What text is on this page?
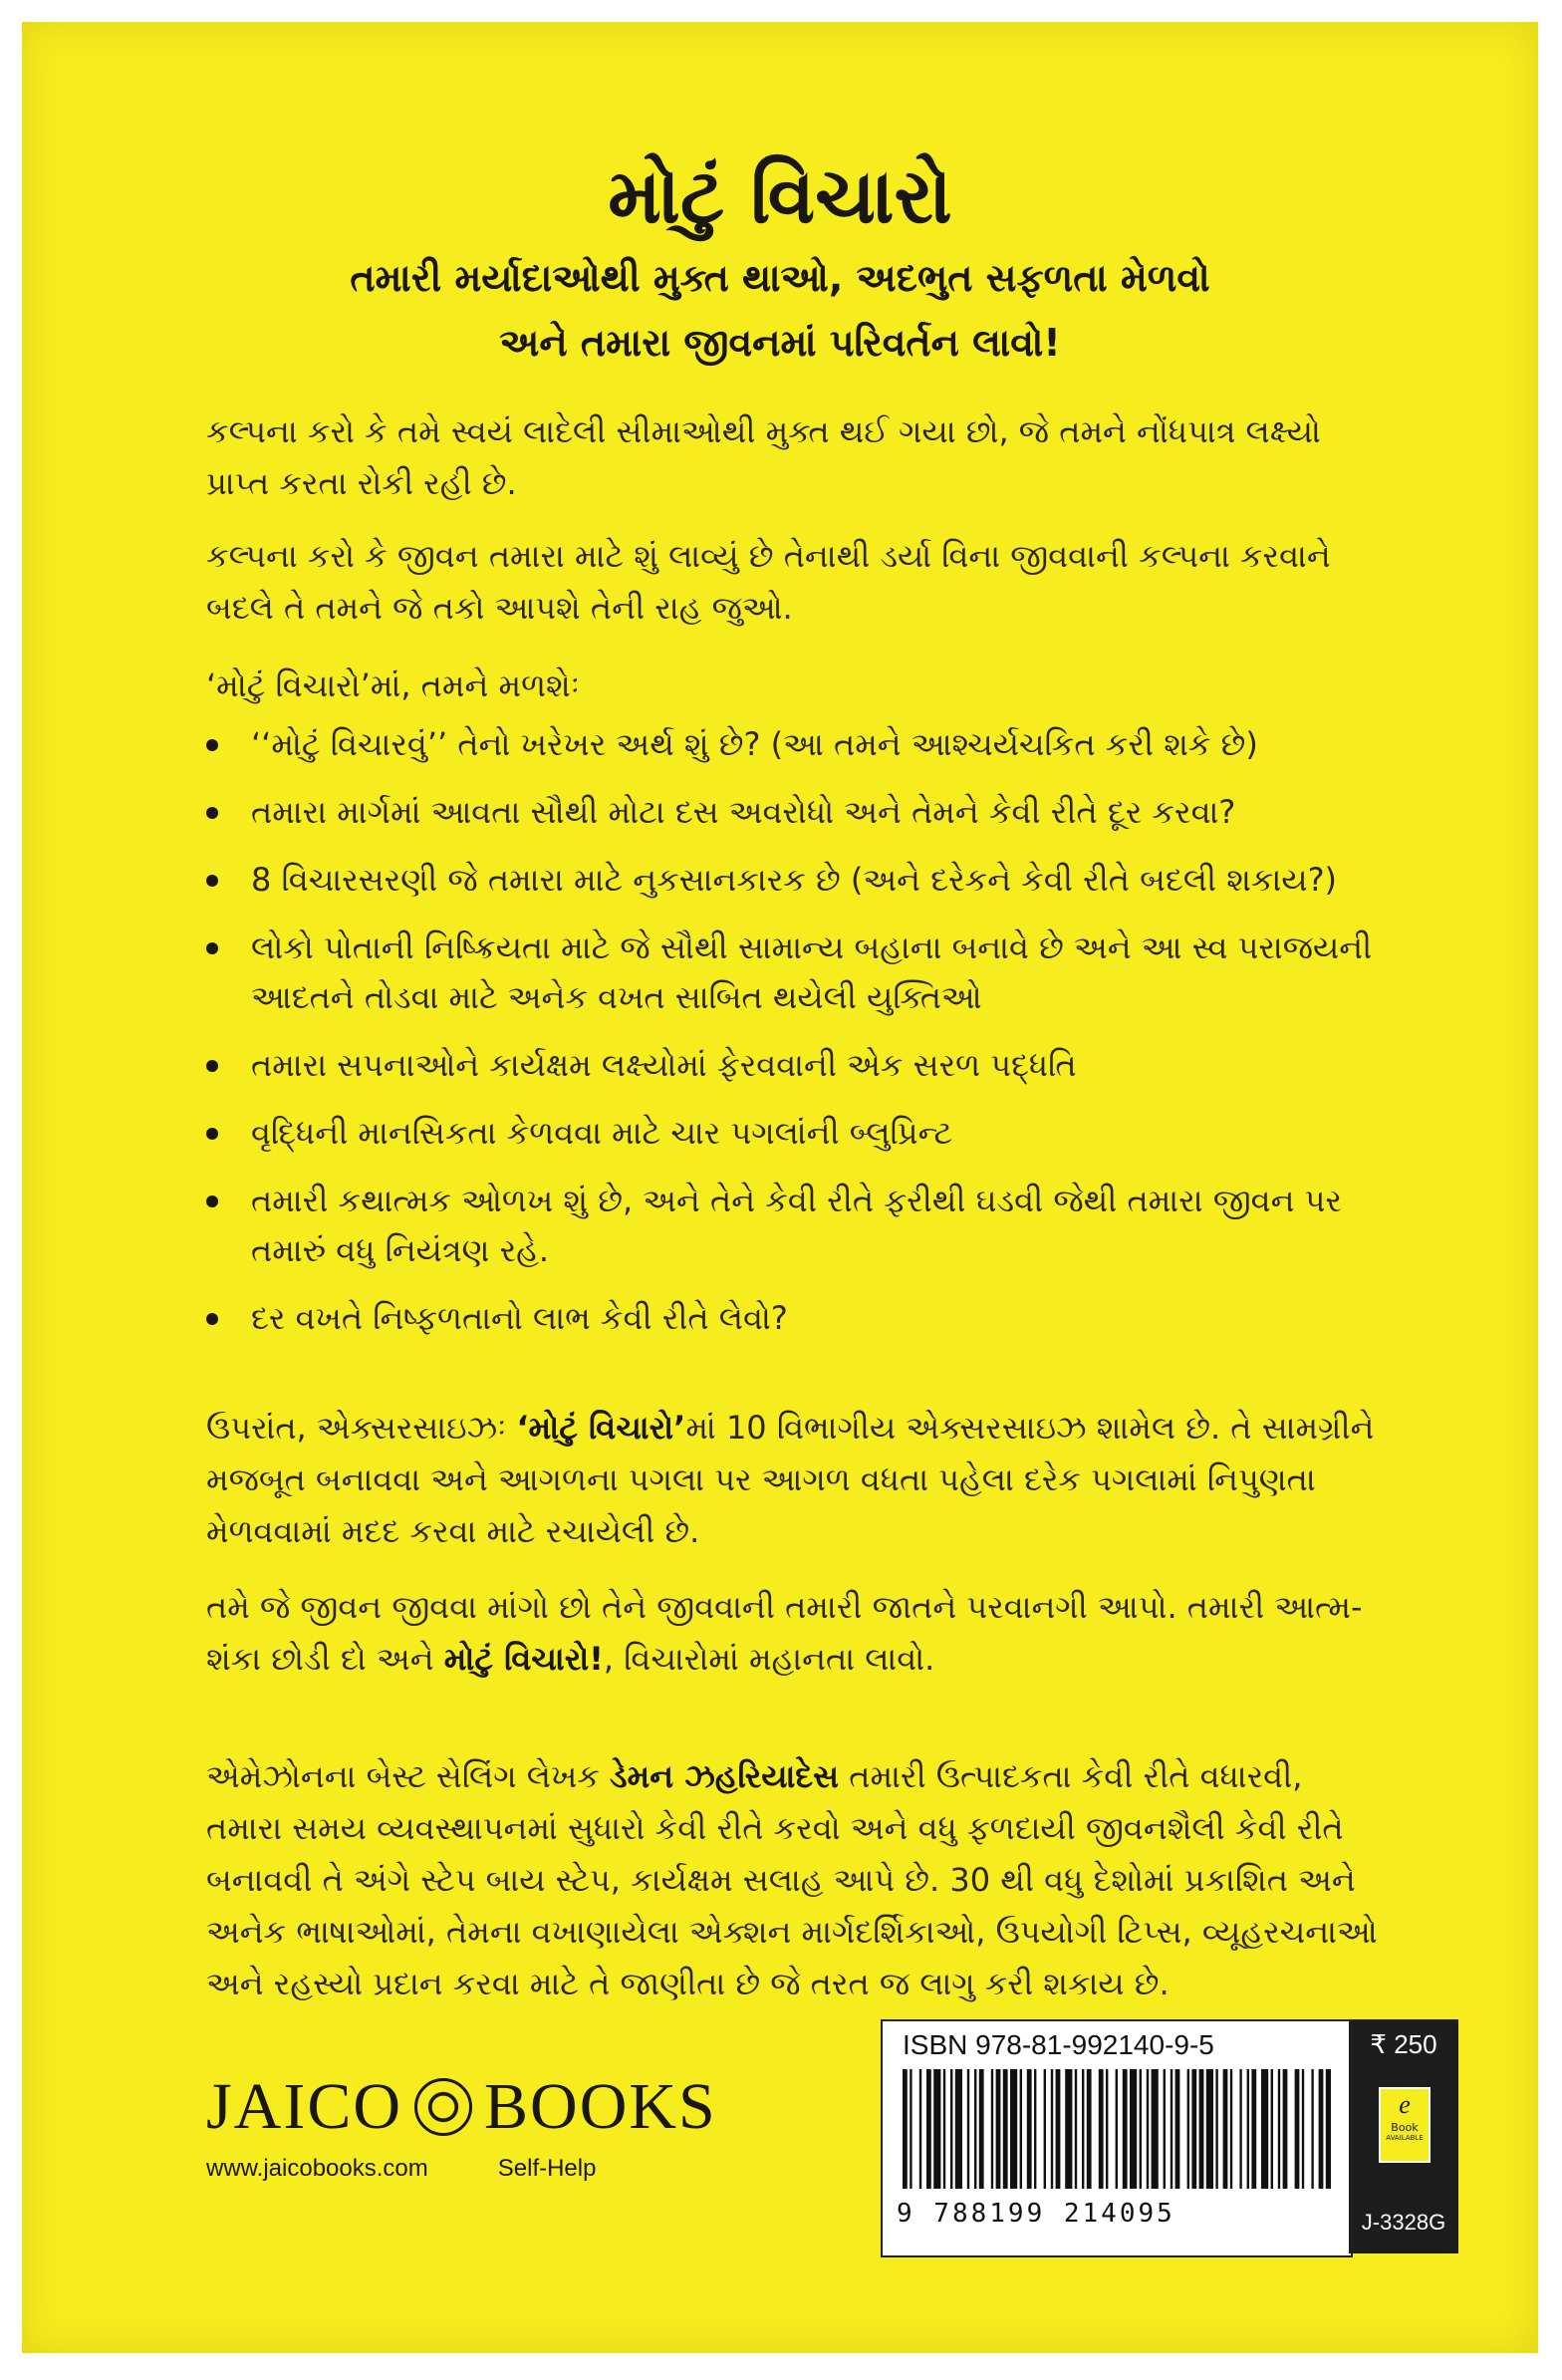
મોટું વિચારો
તમારી મર્યાદાઓથી મુક્ત થાઓ, અદભુત સફળતા મેળવો
અને તમારા જીવનમાં પરિવર્તન લાવો!
કલ્પના કરો કે તમે સ્વયં લાદેલી સીમાઓથી મુક્ત થઈ ગયા છો, જે તમને નોંધપાત્ર લક્ષ્યો પ્રાપ્ત કરતા રોકી રહી છે.
કલ્પના કરો કે જીવન તમારા માટે શું લાવ્યું છે તેનાથી ડર્યા વિના જીવવાની કલ્પના કરવાને બદલે તે તમને જે તકો આપશે તેની રાહ જુઓ.
‘મોટું વિચારો’માં, તમને મળશેઃ
‘‘મોટું વિચારવું’’ તેનો ખરેખર અર્થ શું છે? (આ તમને આશ્ચર્યચકિત કરી શકે છે)
તમારા માર્ગમાં આવતા સૌથી મોટા દસ અવરોધો અને તેમને કેવી રીતે દૂર કરવા?
8 વિચારસરણી જે તમારા માટે નુકસાનકારક છે (અને દરેકને કેવી રીતે બદલી શકાય?)
લોકો પોતાની નિષ્ક્રિયતા માટે જે સૌથી સામાન્ય બહાના બનાવે છે અને આ સ્વ પરાજયની આદતને તોડવા માટે અનેક વખત સાબિત થયેલી યુક્તિઓ
તમારા સપનાઓને કાર્યક્ષમ લક્ષ્યોમાં ફેરવવાની એક સરળ પદ્ધતિ
વૃદ્ધિની માનસિકતા કેળવવા માટે ચાર પગલાંની બ્લુપ્રિન્ટ
તમારી કથાત્મક ઓળખ શું છે, અને તેને કેવી રીતે ફરીથી ઘડવી જેથી તમારા જીવન પર તમારું વધુ નિયંત્રણ રહે.
દર વખતે નિષ્ફળતાનો લાભ કેવી રીતે લેવો?
ઉપરાંત, એક્સરસાઇઝઃ ‘મોટું વિચારો’માં 10 વિભાગીય એક્સરસાઇઝ શામેલ છે. તે સામગ્રીને મજબૂત બનાવવા અને આગળના પગલા પર આગળ વધતા પહેલા દરેક પગલામાં નિપુણતા મેળવવામાં મદદ કરવા માટે રચાયેલી છે.
તમે જે જીવન જીવવા માંગો છો તેને જીવવાની તમારી જાતને પરવાનગી આપો. તમારી આત્મ-શંકા છોડી દો અને મોટું વિચારો!, વિચારોમાં મહાનતા લાવો.
એમેઝોનના બેસ્ટ સેલિંગ લેખક ડેમન ઝહરિયાદેસ તમારી ઉત્પાદકતા કેવી રીતે વધારવી, તમારા સમય વ્યવસ્થાપનમાં સુધારો કેવી રીતે કરવો અને વધુ ફળદાયી જીવનશૈલી કેવી રીતે બનાવવી તે અંગે સ્ટેપ બાય સ્ટેપ, કાર્યક્ષમ સલાહ આપે છે. 30 થી વધુ દેશોમાં પ્રકાશિત અને અનેક ભાષાઓમાં, તેમના વખાણાયેલા એક્શન માર્ગદર્શિકાઓ, ઉપયોગી ટિપ્સ, વ્યૂહરચનાઓ અને રહસ્યો પ્રદાન કરવા માટે તે જાણીતા છે જે તરત જ લાગુ કરી શકાય છે.
JAICO BOOKS
www.jaicobooks.com	Self-Help
ISBN 978-81-992140-9-5
9 788199 214095
₹ 250
e
Book
AVAILABLE
J-3328G
